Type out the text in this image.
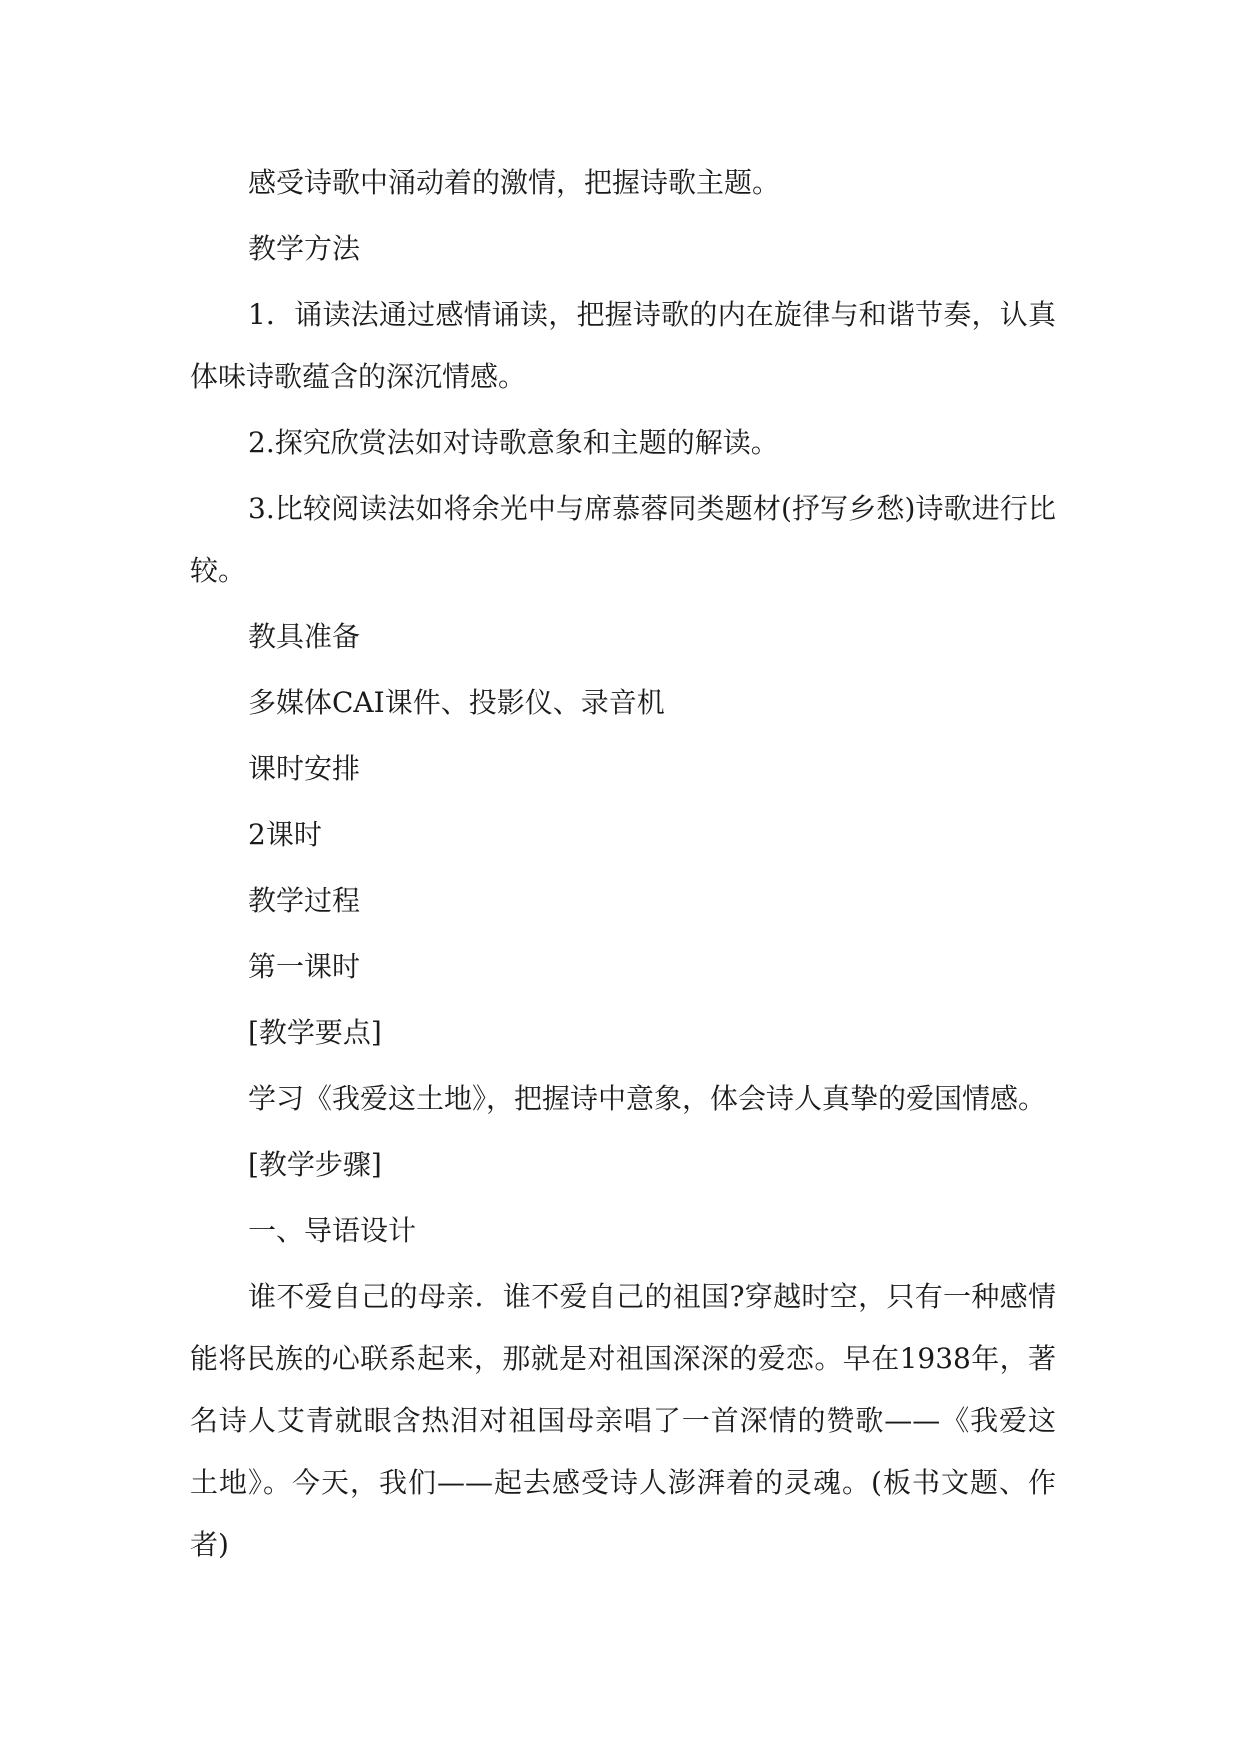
感受诗歌中涌动着的激情，把握诗歌主题。

教学方法

1．诵读法通过感情诵读，把握诗歌的内在旋律与和谐节奏，认真体味诗歌蕴含的深沉情感。

2.探究欣赏法如对诗歌意象和主题的解读。

3.比较阅读法如将余光中与席慕蓉同类题材(抒写乡愁)诗歌进行比较。

教具准备

多媒体CAI课件、投影仪、录音机

课时安排

2课时

教学过程

第一课时

[教学要点]

学习《我爱这土地》，把握诗中意象，体会诗人真挚的爱国情感。

[教学步骤]

一、导语设计

谁不爱自己的母亲．谁不爱自己的祖国?穿越时空，只有一种感情能将民族的心联系起来，那就是对祖国深深的爱恋。早在1938年，著名诗人艾青就眼含热泪对祖国母亲唱了一首深情的赞歌——《我爱这土地》。今天，我们——起去感受诗人澎湃着的灵魂。(板书文题、作者)
